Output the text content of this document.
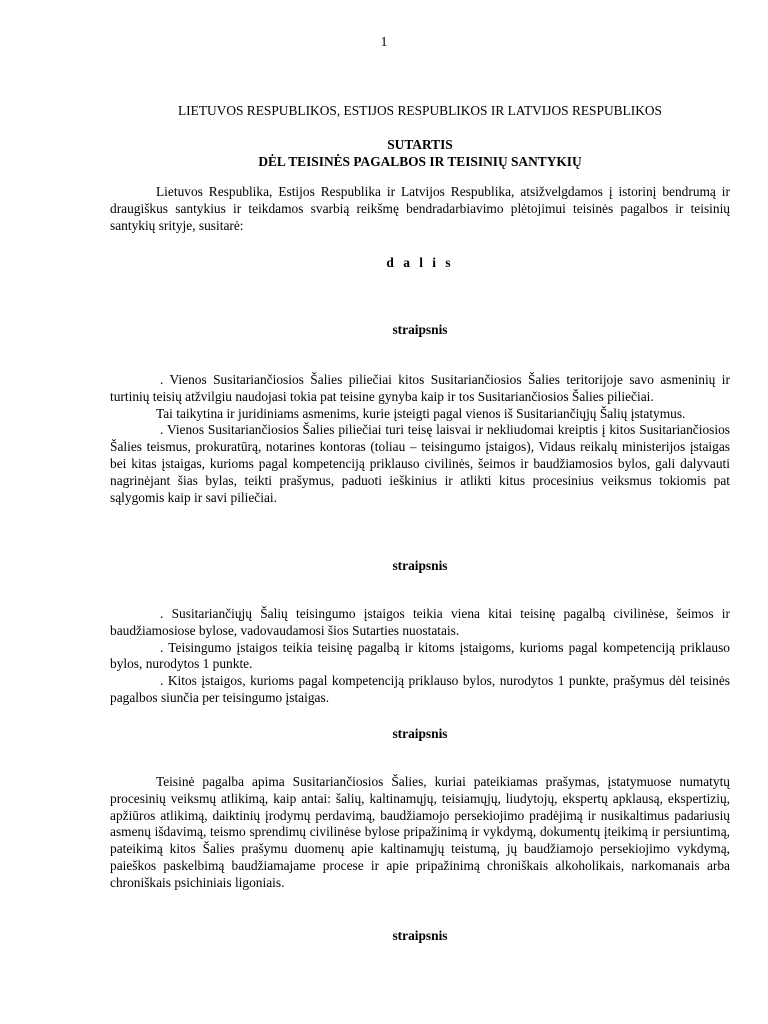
1
LIETUVOS RESPUBLIKOS, ESTIJOS RESPUBLIKOS IR LATVIJOS RESPUBLIKOS

SUTARTIS

DĖL TEISINĖS PAGALBOS IR TEISINIŲ SANTYKIŲ

Lietuvos Respublika, Estijos Respublika ir Latvijos Respublika, atsižvelgdamos į istorinį bendrumą ir draugiškus santykius ir teikdamos svarbią reikšmę bendradarbiavimo plėtojimui teisinės pagalbos ir teisinių santykių srityje, susitarė:
d a l i s
straipsnis

. Vienos Susitariančiosios Šalies piliečiai kitos Susitariančiosios Šalies teritorijoje savo asmeninių ir turtinių teisių atžvilgiu naudojasi tokia pat teisine gynyba kaip ir tos Susitariančiosios Šalies piliečiai.

Tai taikytina ir juridiniams asmenims, kurie įsteigti pagal vienos iš Susitariančiųjų Šalių įstatymus.

. Vienos Susitariančiosios Šalies piliečiai turi teisę laisvai ir nekliudomai kreiptis į kitos Susitariančiosios Šalies teismus, prokuratūrą, notarines kontoras (toliau – teisingumo įstaigos), Vidaus reikalų ministerijos įstaigas bei kitas įstaigas, kurioms pagal kompetenciją priklauso civilinės, šeimos ir baudžiamosios bylos, gali dalyvauti nagrinėjant šias bylas, teikti prašymus, paduoti ieškinius ir atlikti kitus procesinius veiksmus tokiomis pat sąlygomis kaip ir savi piliečiai.

straipsnis

. Susitariančiųjų Šalių teisingumo įstaigos teikia viena kitai teisinę pagalbą civilinėse, šeimos ir baudžiamosiose bylose, vadovaudamosi šios Sutarties nuostatais.

. Teisingumo įstaigos teikia teisinę pagalbą ir kitoms įstaigoms, kurioms pagal kompetenciją priklauso bylos, nurodytos 1 punkte.

. Kitos įstaigos, kurioms pagal kompetenciją priklauso bylos, nurodytos 1 punkte, prašymus dėl teisinės pagalbos siunčia per teisingumo įstaigas.

straipsnis
Teisinė pagalba apima Susitariančiosios Šalies, kuriai pateikiamas prašymas, įstatymuose numatytų procesinių veiksmų atlikimą, kaip antai: šalių, kaltinamųjų, teisiamųjų, liudytojų, ekspertų apklausą, ekspertizių, apžiūros atlikimą, daiktinių įrodymų perdavimą, baudžiamojo persekiojimo pradėjimą ir nusikaltimus padariusių asmenų išdavimą, teismo sprendimų civilinėse bylose pripažinimą ir vykdymą, dokumentų įteikimą ir persiuntimą, pateikimą kitos Šalies prašymu duomenų apie kaltinamųjų teistumą, jų baudžiamojo persekiojimo vykdymą, paieškos paskelbimą baudžiamajame procese ir apie pripažinimą chroniškais alkoholikais, narkomanais arba chroniškais psichiniais ligoniais.
straipsnis
